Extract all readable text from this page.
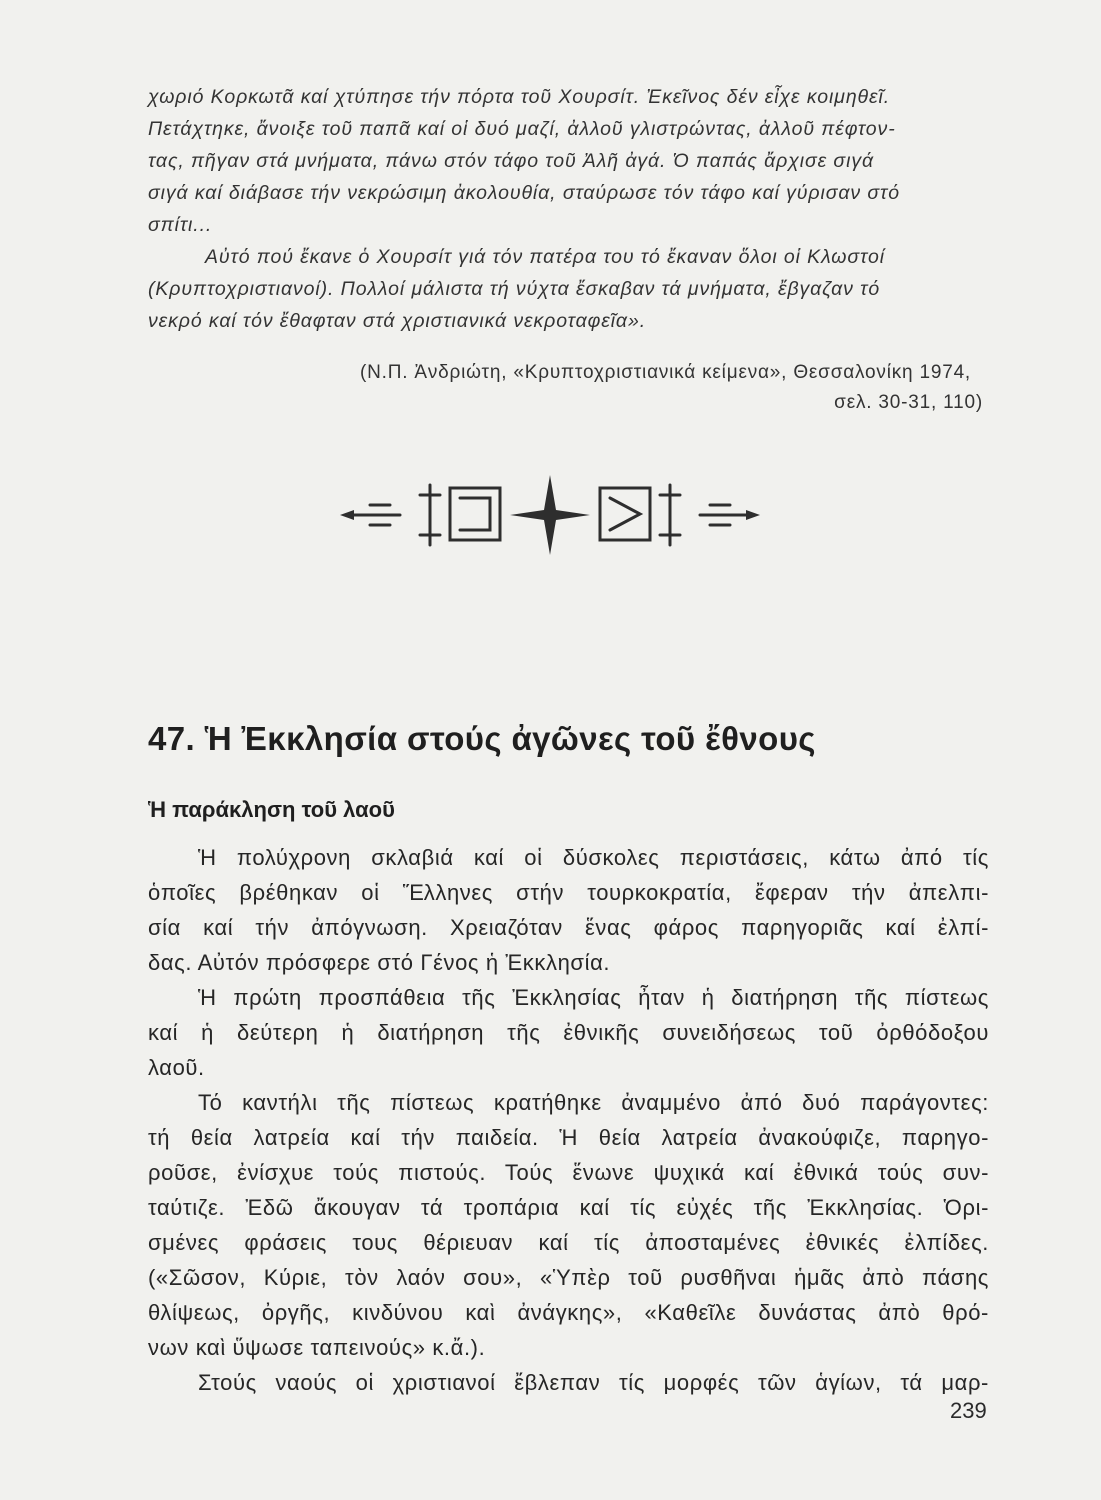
χωριό Κορκωτᾶ καί χτύπησε τήν πόρτα τοῦ Χουρσίτ. Ἐκεῖνος δέν εἶχε κοιμηθεῖ.

Πετάχτηκε, ἄνοιξε τοῦ παπᾶ καί οἱ δυό μαζί, ἀλλοῦ γλιστρώντας, ἀλλοῦ πέφτον-

τας, πῆγαν στά μνήματα, πάνω στόν τάφο τοῦ Ἀλῆ ἀγά. Ὁ παπάς ἄρχισε σιγά

σιγά καί διάβασε τήν νεκρώσιμη ἀκολουθία, σταύρωσε τόν τάφο καί γύρισαν στό

σπίτι...

Αὐτό πού ἔκανε ὁ Χουρσίτ γιά τόν πατέρα του τό ἔκαναν ὅλοι οἱ Κλωστοί

(Κρυπτοχριστιανοί). Πολλοί μάλιστα τή νύχτα ἔσκαβαν τά μνήματα, ἔβγαζαν τό

νεκρό καί τόν ἔθαφταν στά χριστιανικά νεκροταφεῖα».

(Ν.Π. Ἀνδριώτη, «Κρυπτοχριστιανικά κείμενα», Θεσσαλονίκη 1974,

σελ. 30-31, 110)

47. Ἡ Ἐκκλησία στούς ἀγῶνες τοῦ ἔθνους
Ἡ παράκληση τοῦ λαοῦ

Ἡ πολύχρονη σκλαβιά καί οἱ δύσκολες περιστάσεις, κάτω ἀπό τίς

ὁποῖες βρέθηκαν οἱ Ἕλληνες στήν τουρκοκρατία, ἔφεραν τήν ἀπελπι-

σία καί τήν ἀπόγνωση. Χρειαζόταν ἕνας φάρος παρηγοριᾶς καί ἐλπί-

δας. Αὐτόν πρόσφερε στό Γένος ἡ Ἐκκλησία.

Ἡ πρώτη προσπάθεια τῆς Ἐκκλησίας ἦταν ἡ διατήρηση τῆς πίστεως

καί ἡ δεύτερη ἡ διατήρηση τῆς ἐθνικῆς συνειδήσεως τοῦ ὀρθόδοξου

λαοῦ.

Τό καντήλι τῆς πίστεως κρατήθηκε ἀναμμένο ἀπό δυό παράγοντες:

τή θεία λατρεία καί τήν παιδεία. Ἡ θεία λατρεία ἀνακούφιζε, παρηγο-

ροῦσε, ἐνίσχυε τούς πιστούς. Τούς ἕνωνε ψυχικά καί ἐθνικά τούς συν-

ταύτιζε. Ἐδῶ ἄκουγαν τά τροπάρια καί τίς εὐχές τῆς Ἐκκλησίας. Ὁρι-

σμένες φράσεις τους θέριευαν καί τίς ἀποσταμένες ἐθνικές ἐλπίδες.

(«Σῶσον, Κύριε, τὸν λαόν σου», «Ὑπὲρ τοῦ ρυσθῆναι ἡμᾶς ἀπὸ πάσης

θλίψεως, ὀργῆς, κινδύνου καὶ ἀνάγκης», «Καθεῖλε δυνάστας ἀπὸ θρό-

νων καὶ ὕψωσε ταπεινούς» κ.ἄ.).

Στούς ναούς οἱ χριστιανοί ἔβλεπαν τίς μορφές τῶν ἁγίων, τά μαρ-

239
